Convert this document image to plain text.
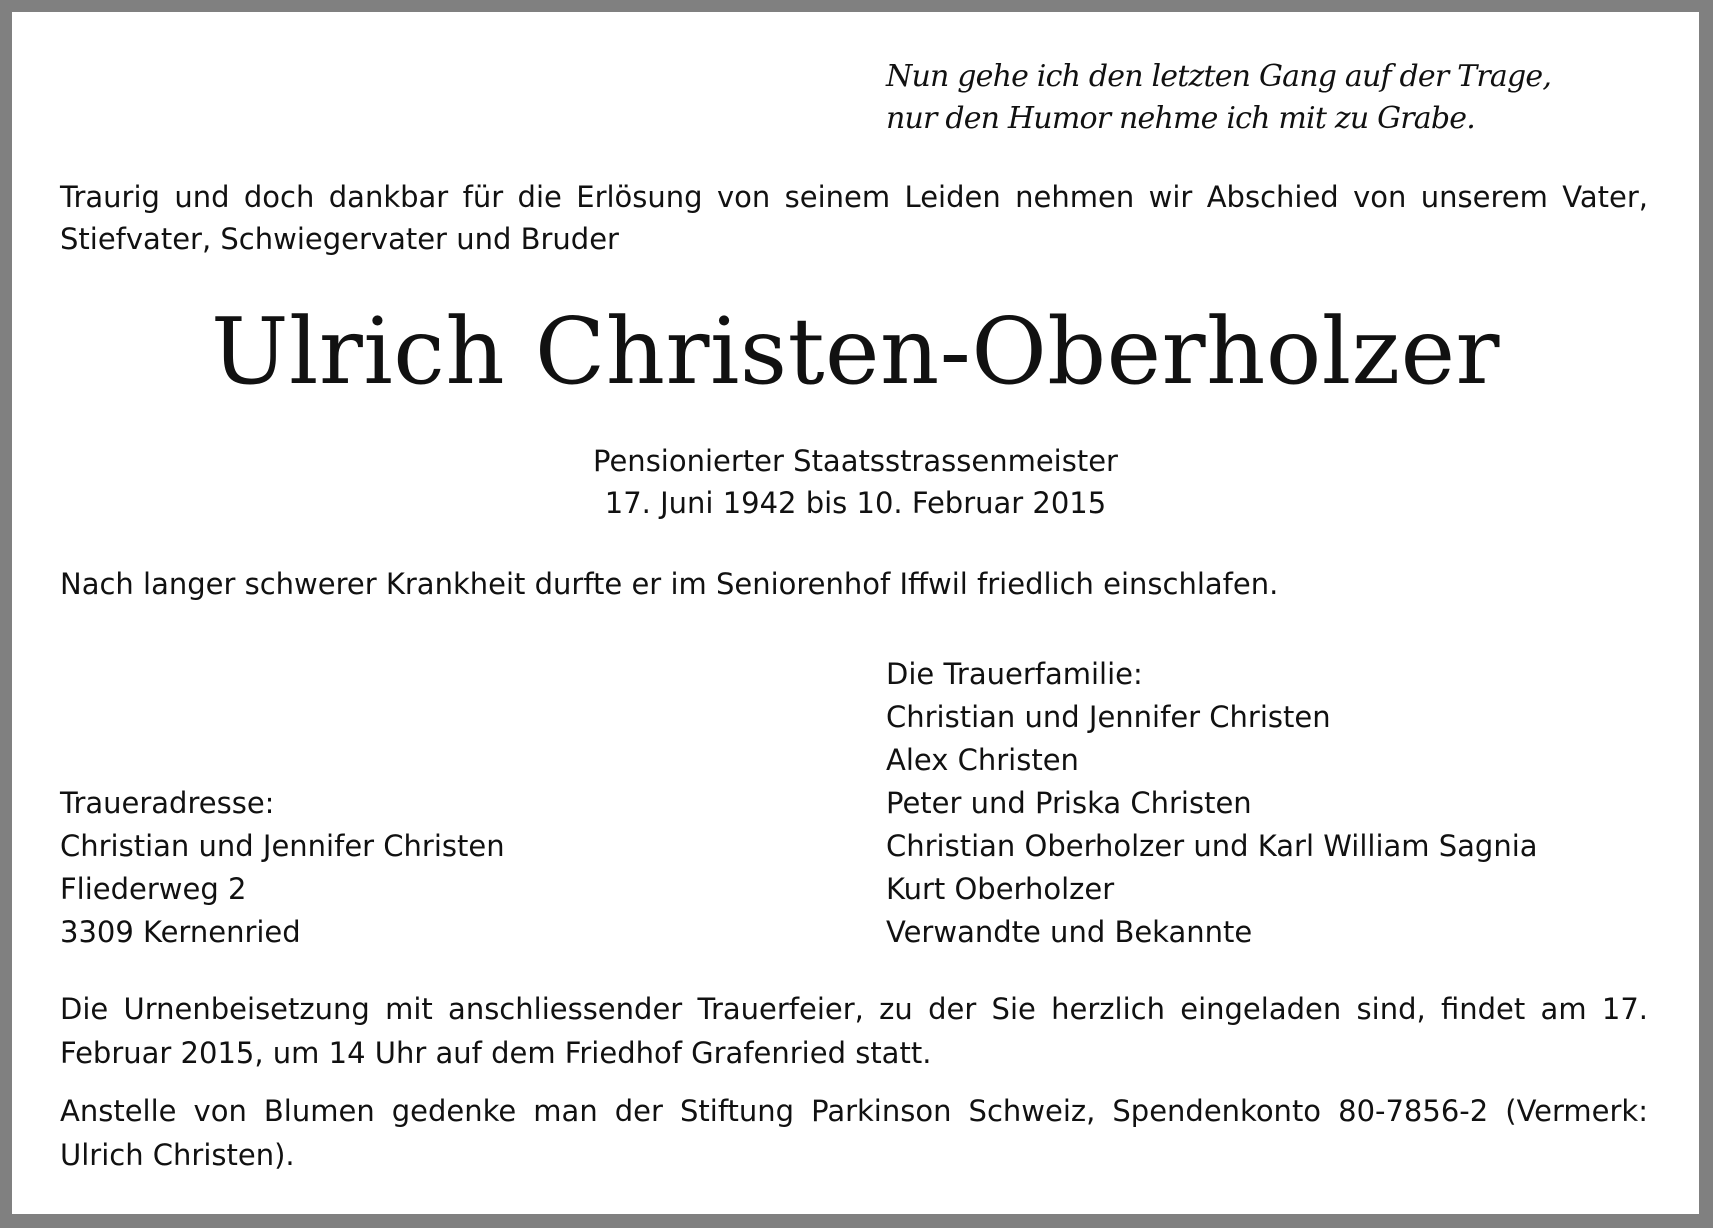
Nun gehe ich den letzten Gang auf der Trage,
nur den Humor nehme ich mit zu Grabe.
Traurig und doch dankbar für die Erlösung von seinem Leiden nehmen wir Abschied von unserem Vater, Stiefvater, Schwiegervater und Bruder
Ulrich Christen-Oberholzer
Pensionierter Staatsstrassenmeister
17. Juni 1942 bis 10. Februar 2015
Nach langer schwerer Krankheit durfte er im Seniorenhof Iffwil friedlich einschlafen.
Traueradresse:
Christian und Jennifer Christen
Fliederweg 2
3309 Kernenried
Die Trauerfamilie:
Christian und Jennifer Christen
Alex Christen
Peter und Priska Christen
Christian Oberholzer und Karl William Sagnia
Kurt Oberholzer
Verwandte und Bekannte
Die Urnenbeisetzung mit anschliessender Trauerfeier, zu der Sie herzlich eingeladen sind, findet am 17. Februar 2015, um 14 Uhr auf dem Friedhof Grafenried statt.
Anstelle von Blumen gedenke man der Stiftung Parkinson Schweiz, Spendenkonto 80-7856-2 (Vermerk: Ulrich Christen).
